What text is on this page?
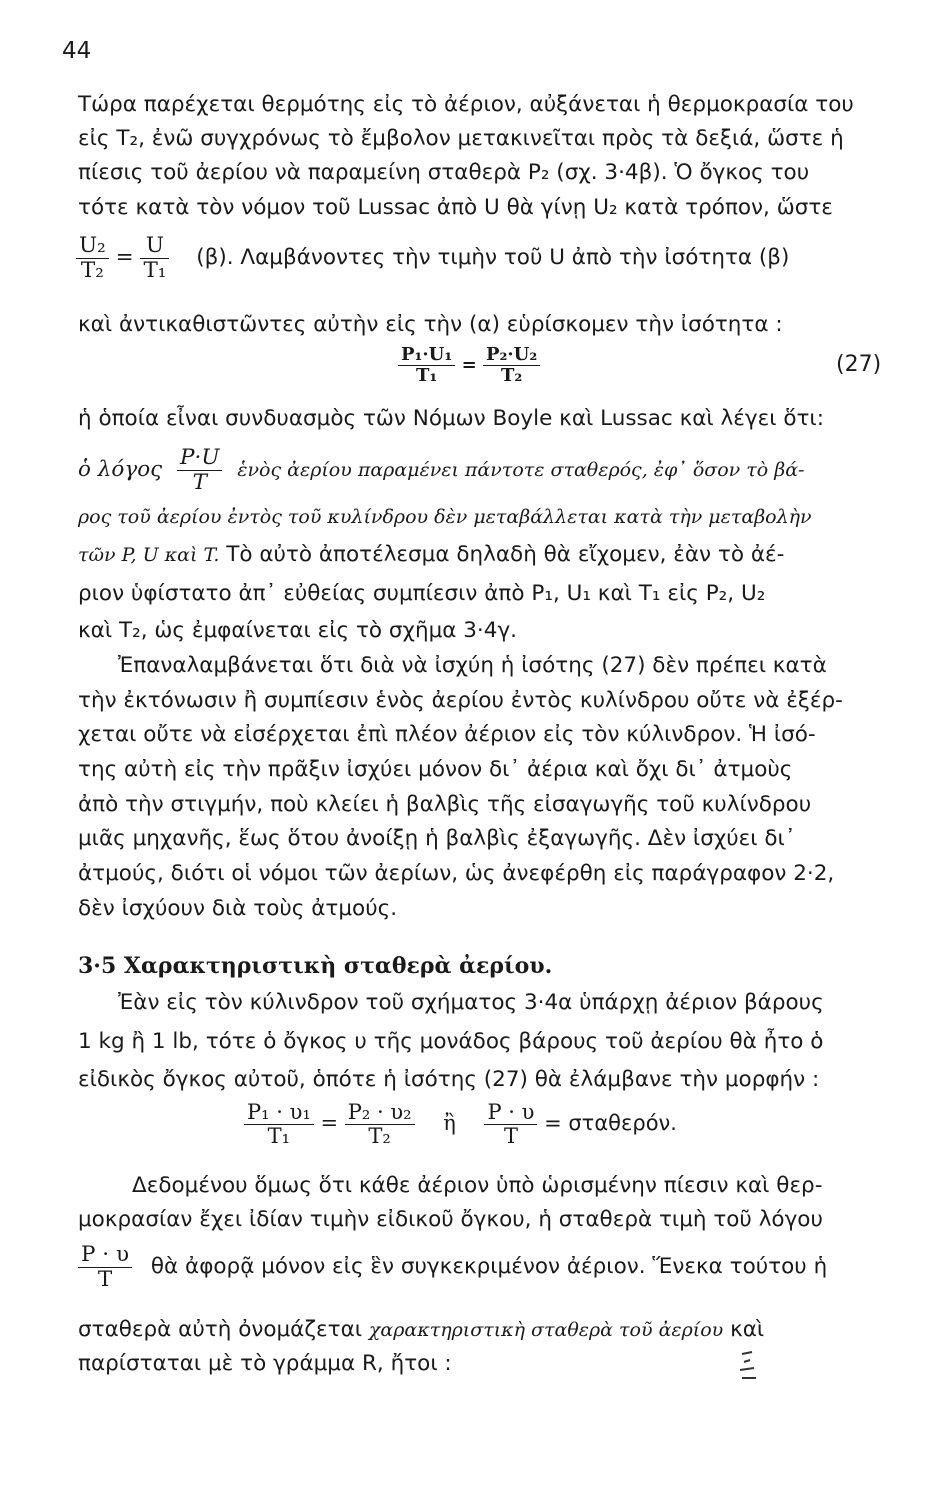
44
Τώρα παρέχεται θερμότης εἰς τὸ ἀέριον, αὐξάνεται ἡ θερμοκρασία του
εἰς T₂, ἐνῶ συγχρόνως τὸ ἔμβολον μετακινεῖται πρὸς τὰ δεξιά, ὥστε ἡ
πίεσις τοῦ ἀερίου νὰ παραμείνη σταθερὰ P₂ (σχ. 3·4β). Ὁ ὄγκος του
τότε κατὰ τὸν νόμον τοῦ Lussac ἀπὸ U θὰ γίνῃ U₂ κατὰ τρόπον, ὥστε
$\frac{\text{U₂}}{\text{T₂}} = \frac{U}{\text{T₁}} (\beta)$. Λαμβάνοντες τὴν τιμὴν τοῦ U ἀπὸ τὴν ἰσότητα (β)
καὶ ἀντικαθιστῶντες αὐτὴν εἰς τὴν (α) εὑρίσκομεν τὴν ἰσότητα :
$\frac{\text{P₁·U₁}}{\text{T₁}} = \frac{\text{P₂·U₂}}{\text{T₂}}$	(27)
ἡ ὁποία εἶναι συνδυασμὸς τῶν Νόμων Boyle καὶ Lussac καὶ λέγει ὅτι:
ὁ λόγος $\frac{P\cdot U}{T}$ ἑνὸς ἀερίου παραμένει πάντοτε σταθερός, ἐφ᾽ ὅσον τὸ βά-
ρος τοῦ ἀερίου ἐντὸς τοῦ κυλίνδρου δὲν μεταβάλλεται κατὰ τὴν μεταβολὴν
τῶν P, U καὶ T. Τὸ αὐτὸ ἀποτέλεσμα δηλαδὴ θὰ εἴχομεν, ἐὰν τὸ ἀέ-
ριον ὑφίστατο ἀπ᾽ εὐθείας συμπίεσιν ἀπὸ P₁, U₁ καὶ T₁ εἰς P₂, U₂
καὶ T₂, ὡς ἐμφαίνεται εἰς τὸ σχῆμα 3·4γ.
Ἐπαναλαμβάνεται ὅτι διὰ νὰ ἰσχύη ἡ ἰσότης (27) δὲν πρέπει κατὰ
τὴν ἐκτόνωσιν ἢ συμπίεσιν ἑνὸς ἀερίου ἐντὸς κυλίνδρου οὔτε νὰ ἐξέρ-
χεται οὔτε νὰ εἰσέρχεται ἐπὶ πλέον ἀέριον εἰς τὸν κύλινδρον. Ἡ ἰσό-
της αὐτὴ εἰς τὴν πρᾶξιν ἰσχύει μόνον δι᾽ ἀέρια καὶ ὄχι δι᾽ ἀτμοὺς
ἀπὸ τὴν στιγμήν, ποὺ κλείει ἡ βαλβὶς τῆς εἰσαγωγῆς τοῦ κυλίνδρου
μιᾶς μηχανῆς, ἕως ὅτου ἀνοίξῃ ἡ βαλβὶς ἐξαγωγῆς. Δὲν ἰσχύει δι᾽
ἀτμούς, διότι οἱ νόμοι τῶν ἀερίων, ὡς ἀνεφέρθη εἰς παράγραφον 2·2,
δὲν ἰσχύουν διὰ τοὺς ἀτμούς.
3·5 Χαρακτηριστικὴ σταθερὰ ἀερίου.
Ἐὰν εἰς τὸν κύλινδρον τοῦ σχήματος 3·4α ὑπάρχῃ ἀέριον βάρους
1 kg ἢ 1 lb, τότε ὁ ὄγκος υ τῆς μονάδος βάρους τοῦ ἀερίου θὰ ἦτο ὁ
εἰδικὸς ὄγκος αὐτοῦ, ὁπότε ἡ ἰσότης (27) θὰ ἐλάμβανε τὴν μορφήν :
$\frac{\text{P₁ · υ₁}}{\text{T₁}} = \frac{\text{P₂ · υ₂}}{\text{T₂}}$ ἢ $\frac{P \cdot \upsilon}{T} = \sigma\tau\alpha\theta\varepsilon\rho ό\nu$.
Δεδομένου ὅμως ὅτι κάθε ἀέριον ὑπὸ ὡρισμένην πίεσιν καὶ θερ-
μοκρασίαν ἔχει ἰδίαν τιμὴν εἰδικοῦ ὄγκου, ἡ σταθερὰ τιμὴ τοῦ λόγου
$\frac{P \cdot \upsilon}{T}$ θὰ ἀφορᾷ μόνον εἰς ἓν συγκεκριμένον ἀέριον. Ἕνεκα τούτου ἡ
σταθερὰ αὐτὴ ὀνομάζεται χαρακτηριστικὴ σταθερὰ τοῦ ἀερίου καὶ
παρίσταται μὲ τὸ γράμμα R, ἤτοι :
